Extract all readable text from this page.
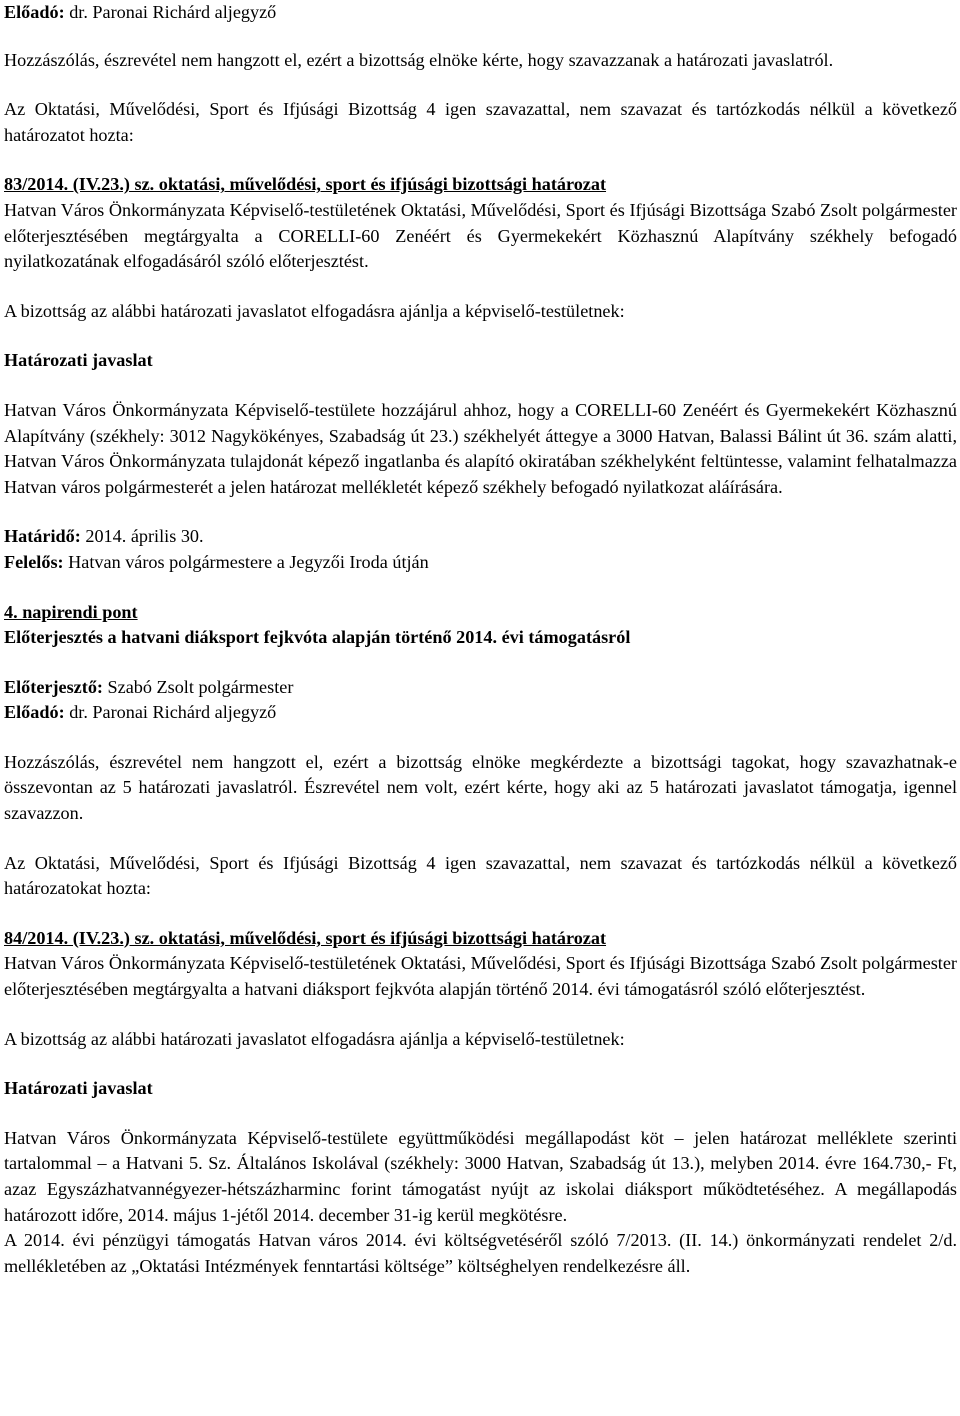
Előadó: dr. Paronai Richárd aljegyző

Hozzászólás, észrevétel nem hangzott el, ezért a bizottság elnöke kérte, hogy szavazzanak a határozati javaslatról.

Az Oktatási, Művelődési, Sport és Ifjúsági Bizottság 4 igen szavazattal, nem szavazat és tartózkodás nélkül a következő határozatot hozta:

83/2014. (IV.23.) sz. oktatási, művelődési, sport és ifjúsági bizottsági határozat

Hatvan Város Önkormányzata Képviselő-testületének Oktatási, Művelődési, Sport és Ifjúsági Bizottsága Szabó Zsolt polgármester előterjesztésében megtárgyalta a CORELLI-60 Zenéért és Gyermekekért Közhasznú Alapítvány székhely befogadó nyilatkozatának elfogadásáról szóló előterjesztést.

A bizottság az alábbi határozati javaslatot elfogadásra ajánlja a képviselő-testületnek:

Határozati javaslat

Hatvan Város Önkormányzata Képviselő-testülete hozzájárul ahhoz, hogy a CORELLI-60 Zenéért és Gyermekekért Közhasznú Alapítvány (székhely: 3012 Nagykökényes, Szabadság út 23.) székhelyét áttegye a 3000 Hatvan, Balassi Bálint út 36. szám alatti, Hatvan Város Önkormányzata tulajdonát képező ingatlanba és alapító okiratában székhelyként feltüntesse, valamint felhatalmazza Hatvan város polgármesterét a jelen határozat mellékletét képező székhely befogadó nyilatkozat aláírására.

Határidő: 2014. április 30.

Felelős: Hatvan város polgármestere a Jegyzői Iroda útján

4. napirendi pont

Előterjesztés a hatvani diáksport fejkvóta alapján történő 2014. évi támogatásról

Előterjesztő: Szabó Zsolt polgármester

Előadó: dr. Paronai Richárd aljegyző

Hozzászólás, észrevétel nem hangzott el, ezért a bizottság elnöke megkérdezte a bizottsági tagokat, hogy szavazhatnak-e összevontan az 5 határozati javaslatról. Észrevétel nem volt, ezért kérte, hogy aki az 5 határozati javaslatot támogatja, igennel szavazzon.

Az Oktatási, Művelődési, Sport és Ifjúsági Bizottság 4 igen szavazattal, nem szavazat és tartózkodás nélkül a következő határozatokat hozta:

84/2014. (IV.23.) sz. oktatási, művelődési, sport és ifjúsági bizottsági határozat

Hatvan Város Önkormányzata Képviselő-testületének Oktatási, Művelődési, Sport és Ifjúsági Bizottsága Szabó Zsolt polgármester előterjesztésében megtárgyalta a hatvani diáksport fejkvóta alapján történő 2014. évi támogatásról szóló előterjesztést.

A bizottság az alábbi határozati javaslatot elfogadásra ajánlja a képviselő-testületnek:

Határozati javaslat

Hatvan Város Önkormányzata Képviselő-testülete együttműködési megállapodást köt – jelen határozat melléklete szerinti tartalommal – a Hatvani 5. Sz. Általános Iskolával (székhely: 3000 Hatvan, Szabadság út 13.), melyben 2014. évre 164.730,- Ft, azaz Egyszázhatvannégyezer-hétszázharminc forint támogatást nyújt az iskolai diáksport működtetéséhez. A megállapodás határozott időre, 2014. május 1-jétől 2014. december 31-ig kerül megkötésre.

A 2014. évi pénzügyi támogatás Hatvan város 2014. évi költségvetéséről szóló 7/2013. (II. 14.) önkormányzati rendelet 2/d. mellékletében az „Oktatási Intézmények fenntartási költsége” költséghelyen rendelkezésre áll.
